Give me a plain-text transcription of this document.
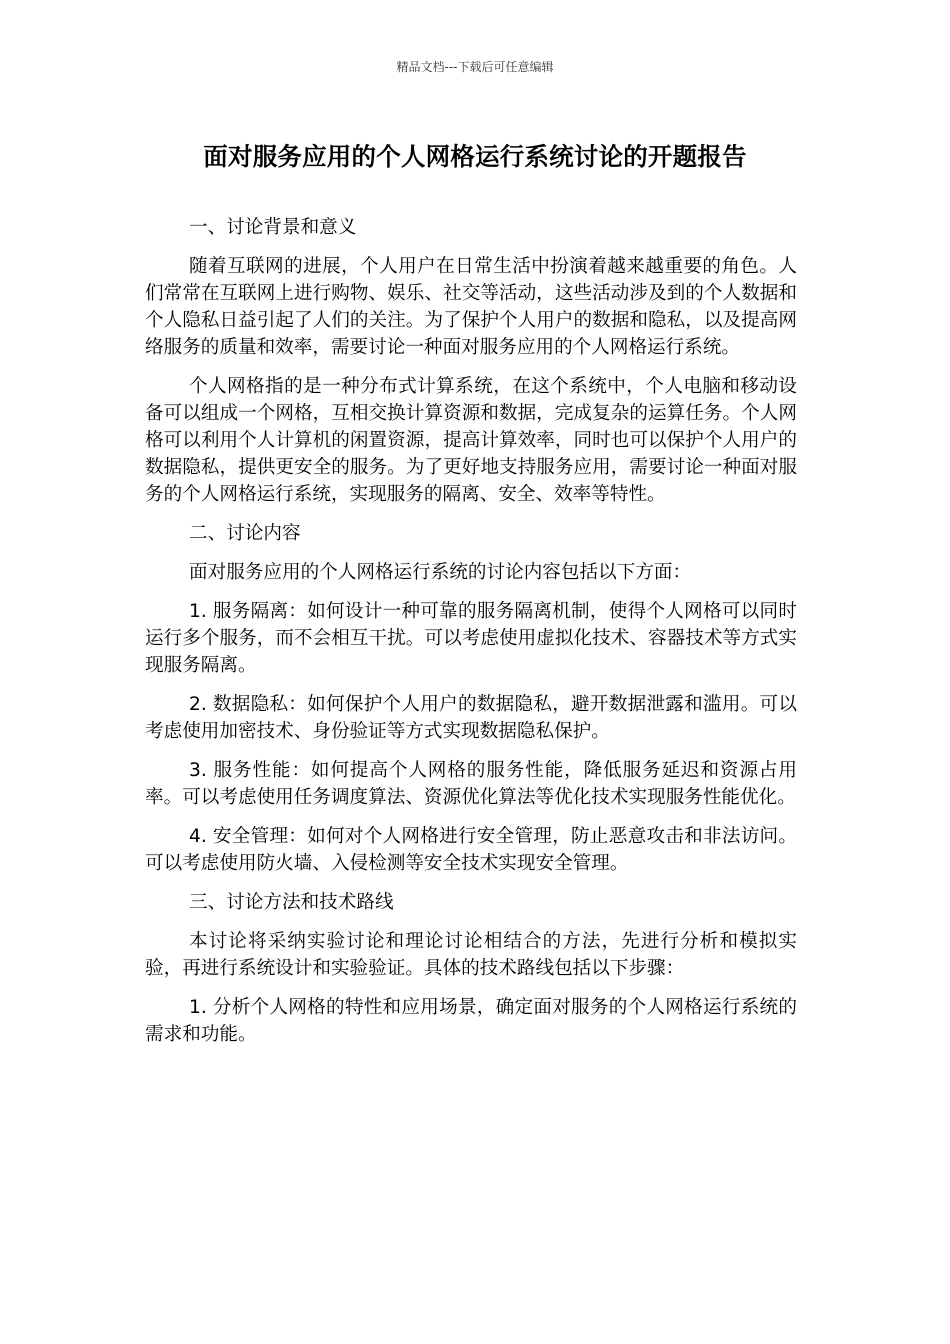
精品文档---下载后可任意编辑
面对服务应用的个人网格运行系统讨论的开题报告
一、讨论背景和意义

随着互联网的进展，个人用户在日常生活中扮演着越来越重要的角色。人们常常在互联网上进行购物、娱乐、社交等活动，这些活动涉及到的个人数据和个人隐私日益引起了人们的关注。为了保护个人用户的数据和隐私，以及提高网络服务的质量和效率，需要讨论一种面对服务应用的个人网格运行系统。

个人网格指的是一种分布式计算系统，在这个系统中，个人电脑和移动设备可以组成一个网格，互相交换计算资源和数据，完成复杂的运算任务。个人网格可以利用个人计算机的闲置资源，提高计算效率，同时也可以保护个人用户的数据隐私，提供更安全的服务。为了更好地支持服务应用，需要讨论一种面对服务的个人网格运行系统，实现服务的隔离、安全、效率等特性。

二、讨论内容

面对服务应用的个人网格运行系统的讨论内容包括以下方面：

1. 服务隔离：如何设计一种可靠的服务隔离机制，使得个人网格可以同时运行多个服务，而不会相互干扰。可以考虑使用虚拟化技术、容器技术等方式实现服务隔离。

2. 数据隐私：如何保护个人用户的数据隐私，避开数据泄露和滥用。可以考虑使用加密技术、身份验证等方式实现数据隐私保护。

3. 服务性能：如何提高个人网格的服务性能，降低服务延迟和资源占用率。可以考虑使用任务调度算法、资源优化算法等优化技术实现服务性能优化。

4. 安全管理：如何对个人网格进行安全管理，防止恶意攻击和非法访问。可以考虑使用防火墙、入侵检测等安全技术实现安全管理。

三、讨论方法和技术路线

本讨论将采纳实验讨论和理论讨论相结合的方法，先进行分析和模拟实验，再进行系统设计和实验验证。具体的技术路线包括以下步骤：

1. 分析个人网格的特性和应用场景，确定面对服务的个人网格运行系统的需求和功能。
